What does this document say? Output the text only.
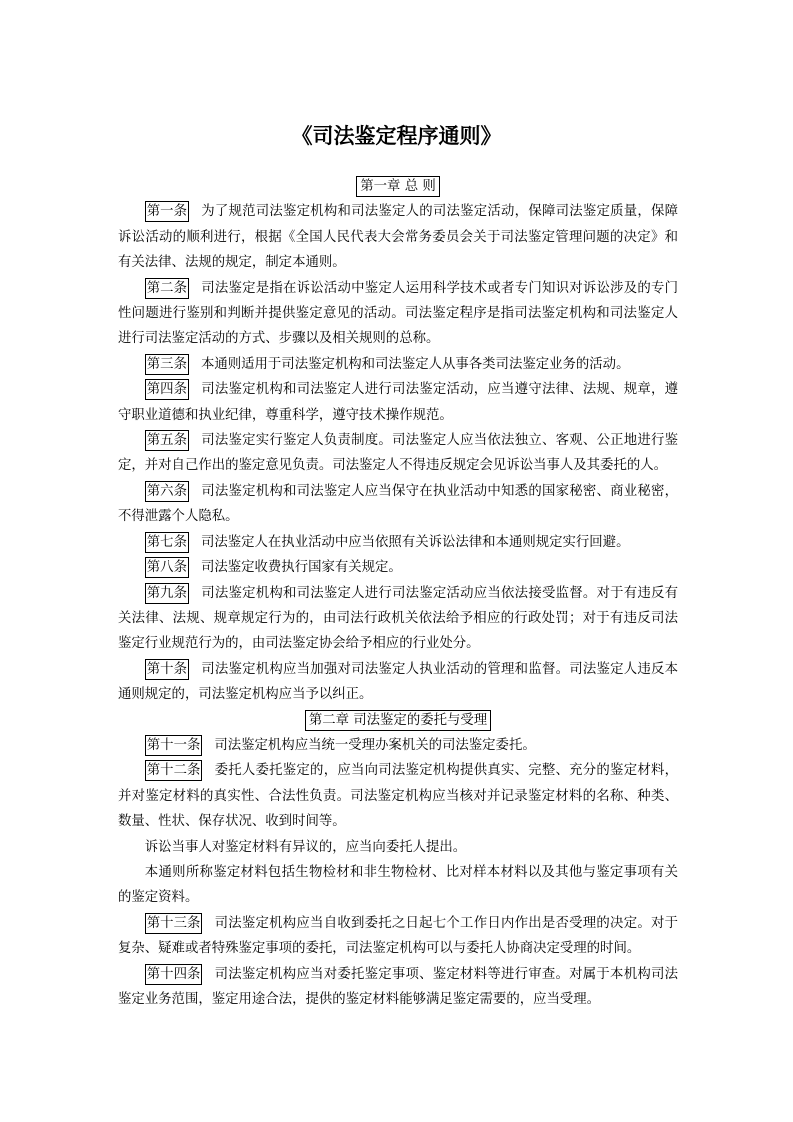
《司法鉴定程序通则》
第一章 总 则

第一条 为了规范司法鉴定机构和司法鉴定人的司法鉴定活动，保障司法鉴定质量，保障诉讼活动的顺利进行，根据《全国人民代表大会常务委员会关于司法鉴定管理问题的决定》和有关法律、法规的规定，制定本通则。

第二条 司法鉴定是指在诉讼活动中鉴定人运用科学技术或者专门知识对诉讼涉及的专门性问题进行鉴别和判断并提供鉴定意见的活动。司法鉴定程序是指司法鉴定机构和司法鉴定人进行司法鉴定活动的方式、步骤以及相关规则的总称。

第三条 本通则适用于司法鉴定机构和司法鉴定人从事各类司法鉴定业务的活动。

第四条 司法鉴定机构和司法鉴定人进行司法鉴定活动，应当遵守法律、法规、规章，遵守职业道德和执业纪律，尊重科学，遵守技术操作规范。

第五条 司法鉴定实行鉴定人负责制度。司法鉴定人应当依法独立、客观、公正地进行鉴定，并对自己作出的鉴定意见负责。司法鉴定人不得违反规定会见诉讼当事人及其委托的人。

第六条 司法鉴定机构和司法鉴定人应当保守在执业活动中知悉的国家秘密、商业秘密，不得泄露个人隐私。

第七条 司法鉴定人在执业活动中应当依照有关诉讼法律和本通则规定实行回避。

第八条 司法鉴定收费执行国家有关规定。

第九条 司法鉴定机构和司法鉴定人进行司法鉴定活动应当依法接受监督。对于有违反有关法律、法规、规章规定行为的，由司法行政机关依法给予相应的行政处罚；对于有违反司法鉴定行业规范行为的，由司法鉴定协会给予相应的行业处分。

第十条 司法鉴定机构应当加强对司法鉴定人执业活动的管理和监督。司法鉴定人违反本通则规定的，司法鉴定机构应当予以纠正。

第二章 司法鉴定的委托与受理

第十一条 司法鉴定机构应当统一受理办案机关的司法鉴定委托。

第十二条 委托人委托鉴定的，应当向司法鉴定机构提供真实、完整、充分的鉴定材料，并对鉴定材料的真实性、合法性负责。司法鉴定机构应当核对并记录鉴定材料的名称、种类、数量、性状、保存状况、收到时间等。

诉讼当事人对鉴定材料有异议的，应当向委托人提出。

本通则所称鉴定材料包括生物检材和非生物检材、比对样本材料以及其他与鉴定事项有关的鉴定资料。

第十三条 司法鉴定机构应当自收到委托之日起七个工作日内作出是否受理的决定。对于复杂、疑难或者特殊鉴定事项的委托，司法鉴定机构可以与委托人协商决定受理的时间。

第十四条 司法鉴定机构应当对委托鉴定事项、鉴定材料等进行审查。对属于本机构司法鉴定业务范围，鉴定用途合法，提供的鉴定材料能够满足鉴定需要的，应当受理。
